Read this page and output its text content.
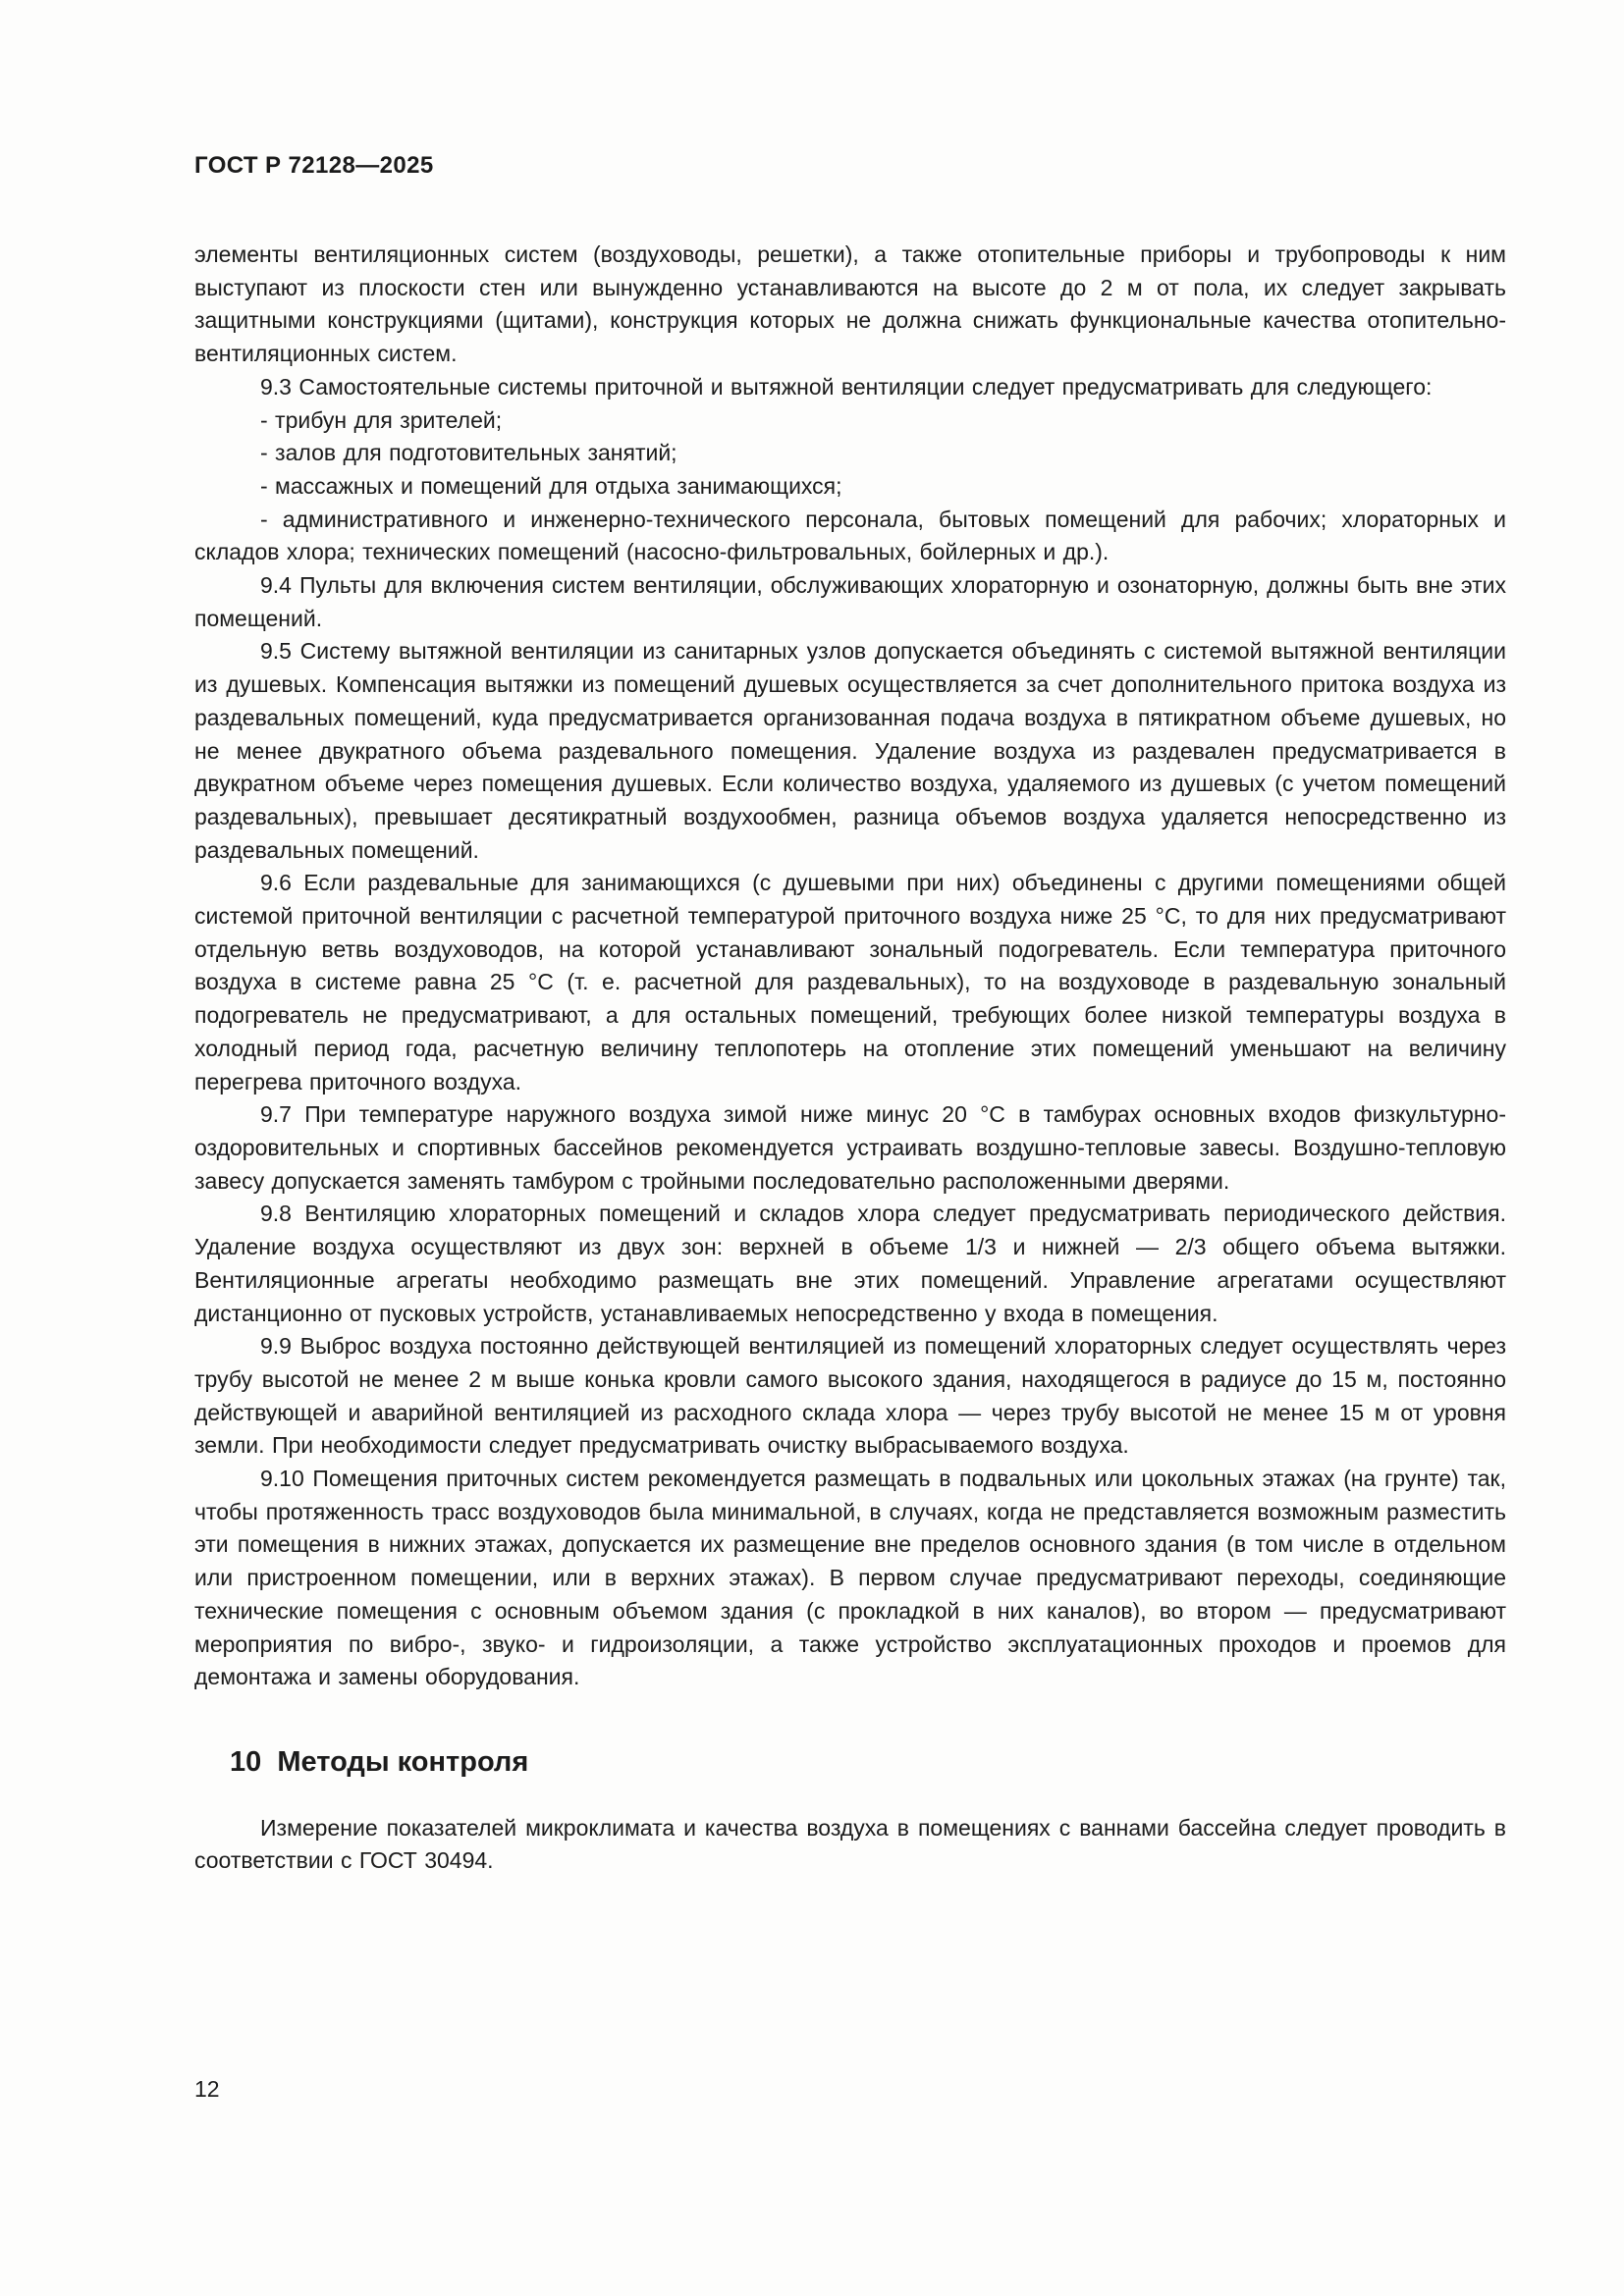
ГОСТ Р 72128—2025

элементы вентиляционных систем (воздуховоды, решетки), а также отопительные приборы и трубопроводы к ним выступают из плоскости стен или вынужденно устанавливаются на высоте до 2 м от пола, их следует закрывать защитными конструкциями (щитами), конструкция которых не должна снижать функциональные качества отопительно-вентиляционных систем.

9.3 Самостоятельные системы приточной и вытяжной вентиляции следует предусматривать для следующего:

- трибун для зрителей;

- залов для подготовительных занятий;

- массажных и помещений для отдыха занимающихся;

- административного и инженерно-технического персонала, бытовых помещений для рабочих; хлораторных и складов хлора; технических помещений (насосно-фильтровальных, бойлерных и др.).

9.4 Пульты для включения систем вентиляции, обслуживающих хлораторную и озонаторную, должны быть вне этих помещений.

9.5 Систему вытяжной вентиляции из санитарных узлов допускается объединять с системой вытяжной вентиляции из душевых. Компенсация вытяжки из помещений душевых осуществляется за счет дополнительного притока воздуха из раздевальных помещений, куда предусматривается организованная подача воздуха в пятикратном объеме душевых, но не менее двукратного объема раздевального помещения. Удаление воздуха из раздевален предусматривается в двукратном объеме через помещения душевых. Если количество воздуха, удаляемого из душевых (с учетом помещений раздевальных), превышает десятикратный воздухообмен, разница объемов воздуха удаляется непосредственно из раздевальных помещений.

9.6 Если раздевальные для занимающихся (с душевыми при них) объединены с другими помещениями общей системой приточной вентиляции с расчетной температурой приточного воздуха ниже 25 °С, то для них предусматривают отдельную ветвь воздуховодов, на которой устанавливают зональный подогреватель. Если температура приточного воздуха в системе равна 25 °С (т. е. расчетной для раздевальных), то на воздуховоде в раздевальную зональный подогреватель не предусматривают, а для остальных помещений, требующих более низкой температуры воздуха в холодный период года, расчетную величину теплопотерь на отопление этих помещений уменьшают на величину перегрева приточного воздуха.

9.7 При температуре наружного воздуха зимой ниже минус 20 °С в тамбурах основных входов физкультурно-оздоровительных и спортивных бассейнов рекомендуется устраивать воздушно-тепловые завесы. Воздушно-тепловую завесу допускается заменять тамбуром с тройными последовательно расположенными дверями.

9.8 Вентиляцию хлораторных помещений и складов хлора следует предусматривать периодического действия. Удаление воздуха осуществляют из двух зон: верхней в объеме 1/3 и нижней — 2/3 общего объема вытяжки. Вентиляционные агрегаты необходимо размещать вне этих помещений. Управление агрегатами осуществляют дистанционно от пусковых устройств, устанавливаемых непосредственно у входа в помещения.

9.9 Выброс воздуха постоянно действующей вентиляцией из помещений хлораторных следует осуществлять через трубу высотой не менее 2 м выше конька кровли самого высокого здания, находящегося в радиусе до 15 м, постоянно действующей и аварийной вентиляцией из расходного склада хлора — через трубу высотой не менее 15 м от уровня земли. При необходимости следует предусматривать очистку выбрасываемого воздуха.

9.10 Помещения приточных систем рекомендуется размещать в подвальных или цокольных этажах (на грунте) так, чтобы протяженность трасс воздуховодов была минимальной, в случаях, когда не представляется возможным разместить эти помещения в нижних этажах, допускается их размещение вне пределов основного здания (в том числе в отдельном или пристроенном помещении, или в верхних этажах). В первом случае предусматривают переходы, соединяющие технические помещения с основным объемом здания (с прокладкой в них каналов), во втором — предусматривают мероприятия по вибро-, звуко- и гидроизоляции, а также устройство эксплуатационных проходов и проемов для демонтажа и замены оборудования.

10  Методы контроля

Измерение показателей микроклимата и качества воздуха в помещениях с ваннами бассейна следует проводить в соответствии с ГОСТ 30494.

12
